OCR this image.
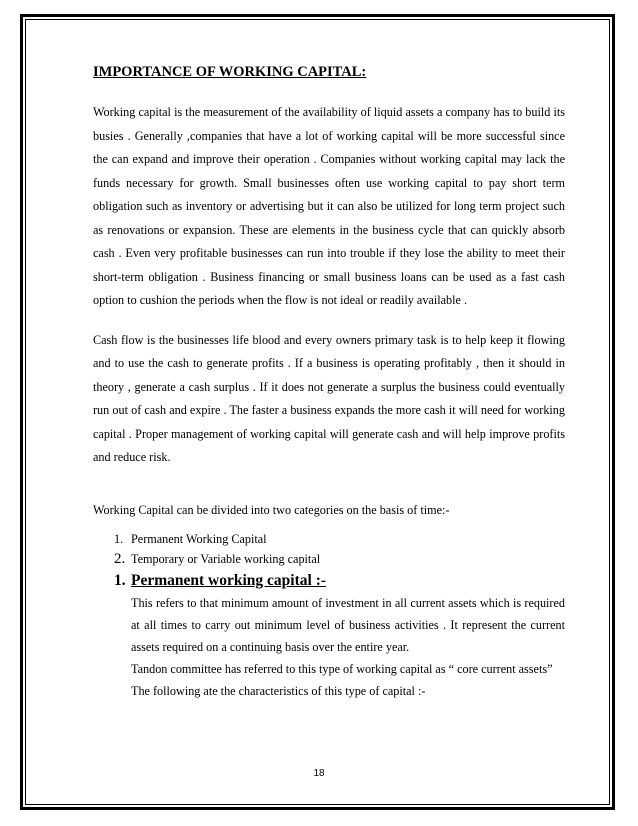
IMPORTANCE OF WORKING CAPITAL:

Working capital is the measurement of the availability of liquid assets a company has to build its busies . Generally ,companies that have a lot of working capital will be more successful since the can expand and improve their operation . Companies without working capital may lack the funds necessary for growth. Small businesses often use working capital to pay short term obligation such as inventory or advertising but it can also be utilized for long term project such as renovations or expansion. These are elements in the business cycle that can quickly absorb cash . Even very profitable businesses can run into trouble if they lose the ability to meet their short-term obligation . Business financing or small business loans can be used as a fast cash option to cushion the periods when the flow is not ideal or readily available .

Cash flow is the businesses life blood and every owners primary task is to help keep it flowing and to use the cash to generate profits . If a business is operating profitably , then it should in theory , generate a cash surplus . If it does not generate a surplus the business could eventually run out of cash and expire . The faster a business expands the more cash it will need for working capital . Proper management of working capital will generate cash and will help improve profits and reduce risk.

Working Capital can be divided into two categories on the basis of time:-

1. Permanent Working Capital
2. Temporary or Variable working capital
1. Permanent working capital :-

This refers to that minimum amount of investment in all current assets which is required at all times to carry out minimum level of business activities . It represent the current assets required on a continuing basis over the entire year.

Tandon committee has referred to this type of working capital as “ core current assets”

The following ate the characteristics of this type of capital :-

18
